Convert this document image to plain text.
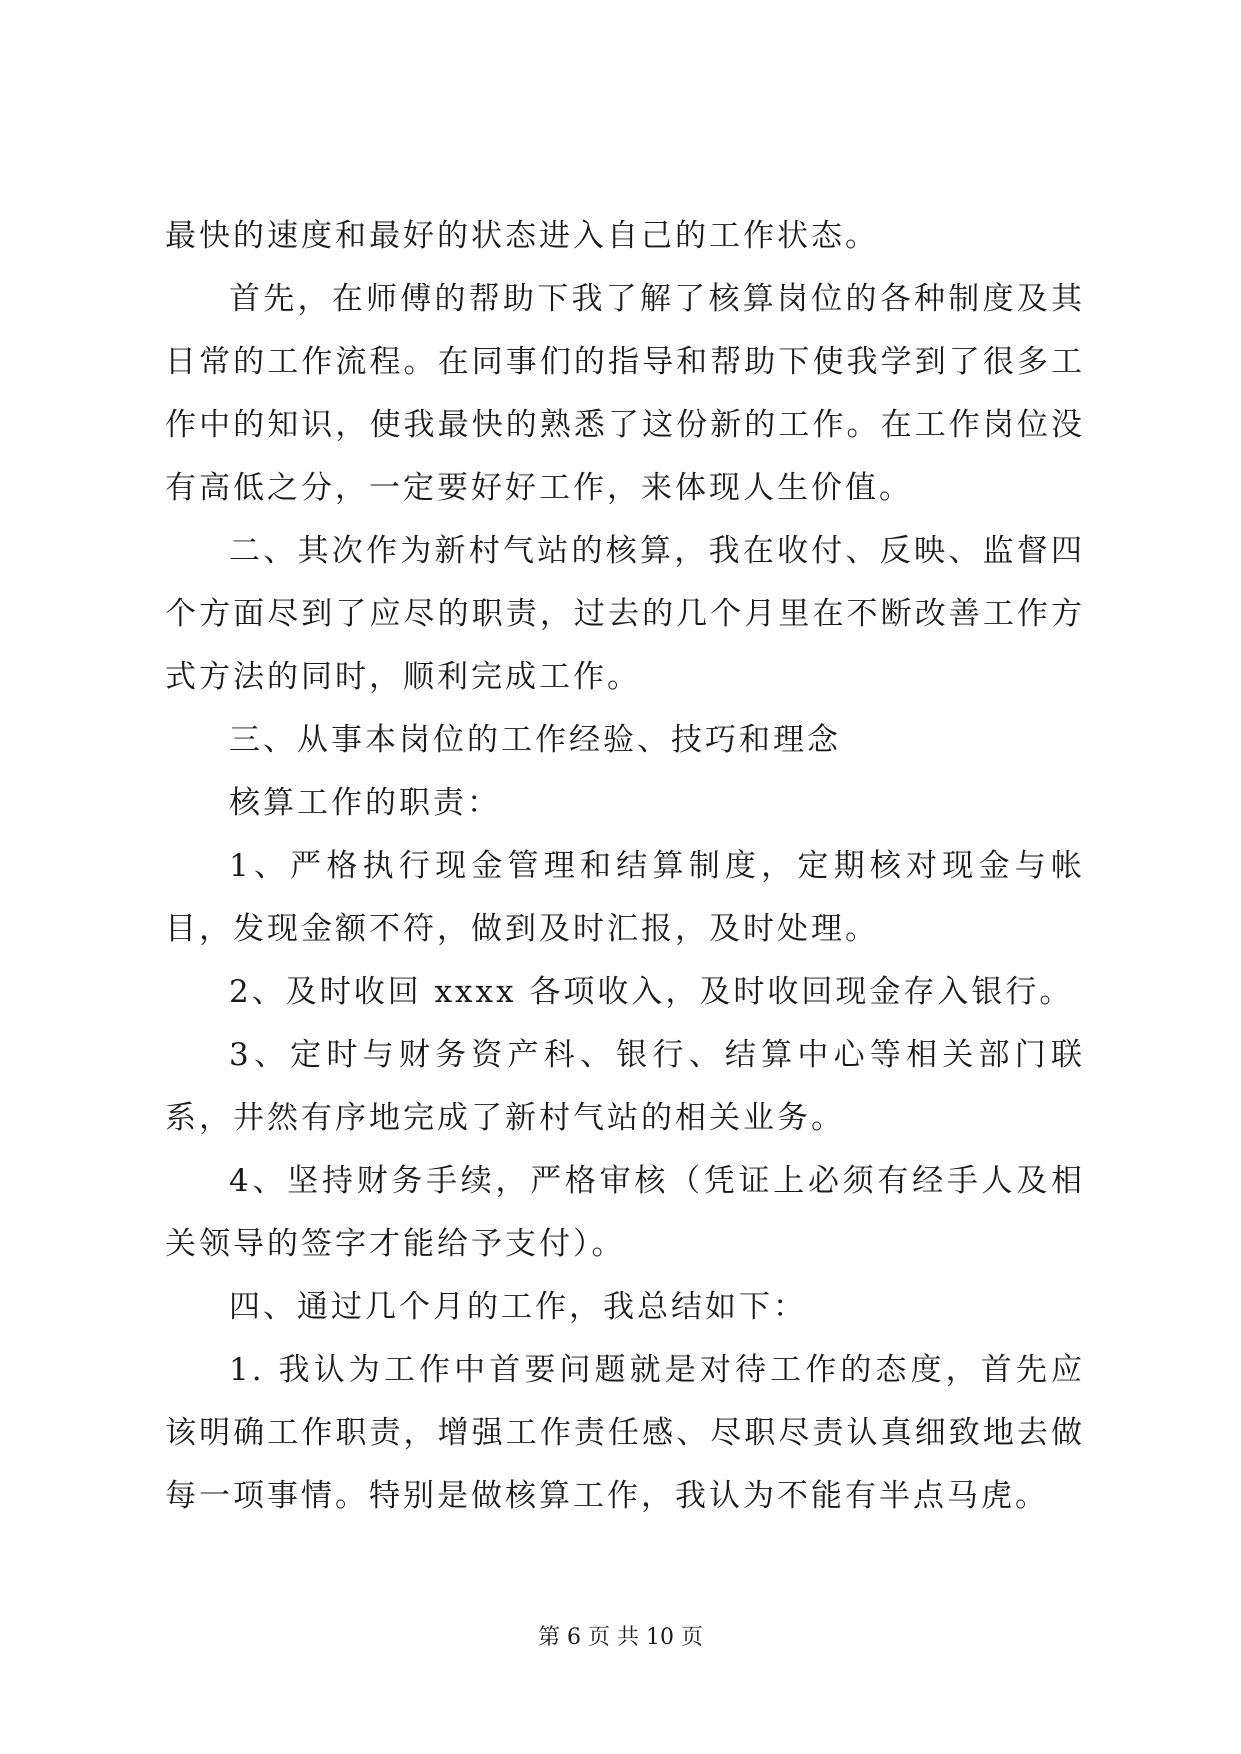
最快的速度和最好的状态进入自己的工作状态。

首先，在师傅的帮助下我了解了核算岗位的各种制度及其日常的工作流程。在同事们的指导和帮助下使我学到了很多工作中的知识，使我最快的熟悉了这份新的工作。在工作岗位没有高低之分，一定要好好工作，来体现人生价值。

二、其次作为新村气站的核算，我在收付、反映、监督四个方面尽到了应尽的职责，过去的几个月里在不断改善工作方式方法的同时，顺利完成工作。

三、从事本岗位的工作经验、技巧和理念

核算工作的职责：

1、严格执行现金管理和结算制度，定期核对现金与帐目，发现金额不符，做到及时汇报，及时处理。

2、及时收回 xxxx 各项收入，及时收回现金存入银行。

3、定时与财务资产科、银行、结算中心等相关部门联系，井然有序地完成了新村气站的相关业务。

4、坚持财务手续，严格审核（凭证上必须有经手人及相关领导的签字才能给予支付）。

四、通过几个月的工作，我总结如下：

1. 我认为工作中首要问题就是对待工作的态度，首先应该明确工作职责，增强工作责任感、尽职尽责认真细致地去做每一项事情。特别是做核算工作，我认为不能有半点马虎。

第 6 页 共 10 页
